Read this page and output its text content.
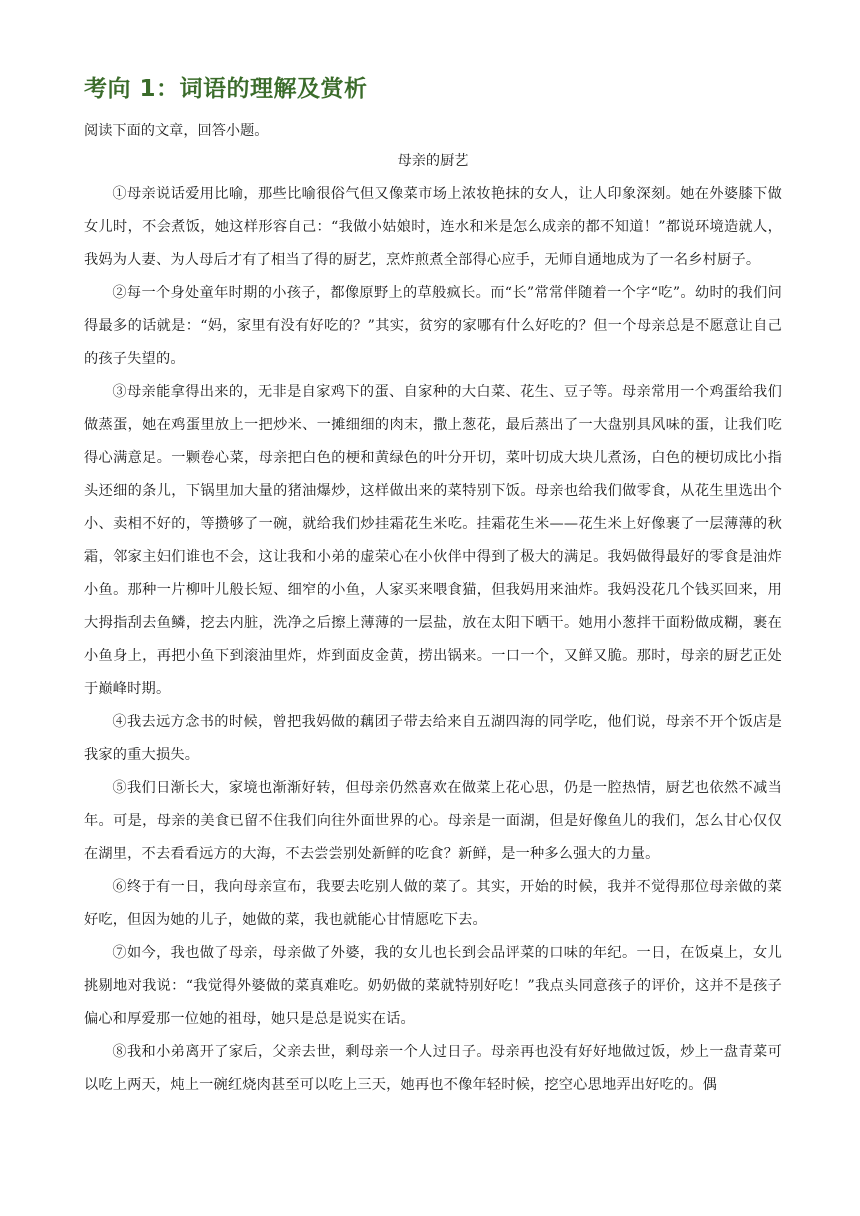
考向 1：词语的理解及赏析

阅读下面的文章，回答小题。

母亲的厨艺

①母亲说话爱用比喻，那些比喻很俗气但又像菜市场上浓妆艳抹的女人，让人印象深刻。她在外婆膝下做女儿时，不会煮饭，她这样形容自己：“我做小姑娘时，连水和米是怎么成亲的都不知道！”都说环境造就人，我妈为人妻、为人母后才有了相当了得的厨艺，烹炸煎煮全部得心应手，无师自通地成为了一名乡村厨子。

②每一个身处童年时期的小孩子，都像原野上的草般疯长。而“长”常常伴随着一个字“吃”。幼时的我们问得最多的话就是：“妈，家里有没有好吃的？”其实，贫穷的家哪有什么好吃的？但一个母亲总是不愿意让自己的孩子失望的。

③母亲能拿得出来的，无非是自家鸡下的蛋、自家种的大白菜、花生、豆子等。母亲常用一个鸡蛋给我们做蒸蛋，她在鸡蛋里放上一把炒米、一摊细细的肉末，撒上葱花，最后蒸出了一大盘别具风味的蛋，让我们吃得心满意足。一颗卷心菜，母亲把白色的梗和黄绿色的叶分开切，菜叶切成大块儿煮汤，白色的梗切成比小指头还细的条儿，下锅里加大量的猪油爆炒，这样做出来的菜特别下饭。母亲也给我们做零食，从花生里选出个小、卖相不好的，等攒够了一碗，就给我们炒挂霜花生米吃。挂霜花生米——花生米上好像裹了一层薄薄的秋霜，邻家主妇们谁也不会，这让我和小弟的虚荣心在小伙伴中得到了极大的满足。我妈做得最好的零食是油炸小鱼。那种一片柳叶儿般长短、细窄的小鱼，人家买来喂食猫，但我妈用来油炸。我妈没花几个钱买回来，用大拇指刮去鱼鳞，挖去内脏，洗净之后擦上薄薄的一层盐，放在太阳下晒干。她用小葱拌干面粉做成糊，裹在小鱼身上，再把小鱼下到滚油里炸，炸到面皮金黄，捞出锅来。一口一个，又鲜又脆。那时，母亲的厨艺正处于巅峰时期。

④我去远方念书的时候，曾把我妈做的藕团子带去给来自五湖四海的同学吃，他们说，母亲不开个饭店是我家的重大损失。

⑤我们日渐长大，家境也渐渐好转，但母亲仍然喜欢在做菜上花心思，仍是一腔热情，厨艺也依然不减当年。可是，母亲的美食已留不住我们向往外面世界的心。母亲是一面湖，但是好像鱼儿的我们，怎么甘心仅仅在湖里，不去看看远方的大海，不去尝尝别处新鲜的吃食？新鲜，是一种多么强大的力量。

⑥终于有一日，我向母亲宣布，我要去吃别人做的菜了。其实，开始的时候，我并不觉得那位母亲做的菜好吃，但因为她的儿子，她做的菜，我也就能心甘情愿吃下去。

⑦如今，我也做了母亲，母亲做了外婆，我的女儿也长到会品评菜的口味的年纪。一日，在饭桌上，女儿挑剔地对我说：“我觉得外婆做的菜真难吃。奶奶做的菜就特别好吃！”我点头同意孩子的评价，这并不是孩子偏心和厚爱那一位她的祖母，她只是总是说实在话。

⑧我和小弟离开了家后，父亲去世，剩母亲一个人过日子。母亲再也没有好好地做过饭，炒上一盘青菜可以吃上两天，炖上一碗红烧肉甚至可以吃上三天，她再也不像年轻时候，挖空心思地弄出好吃的。偶
